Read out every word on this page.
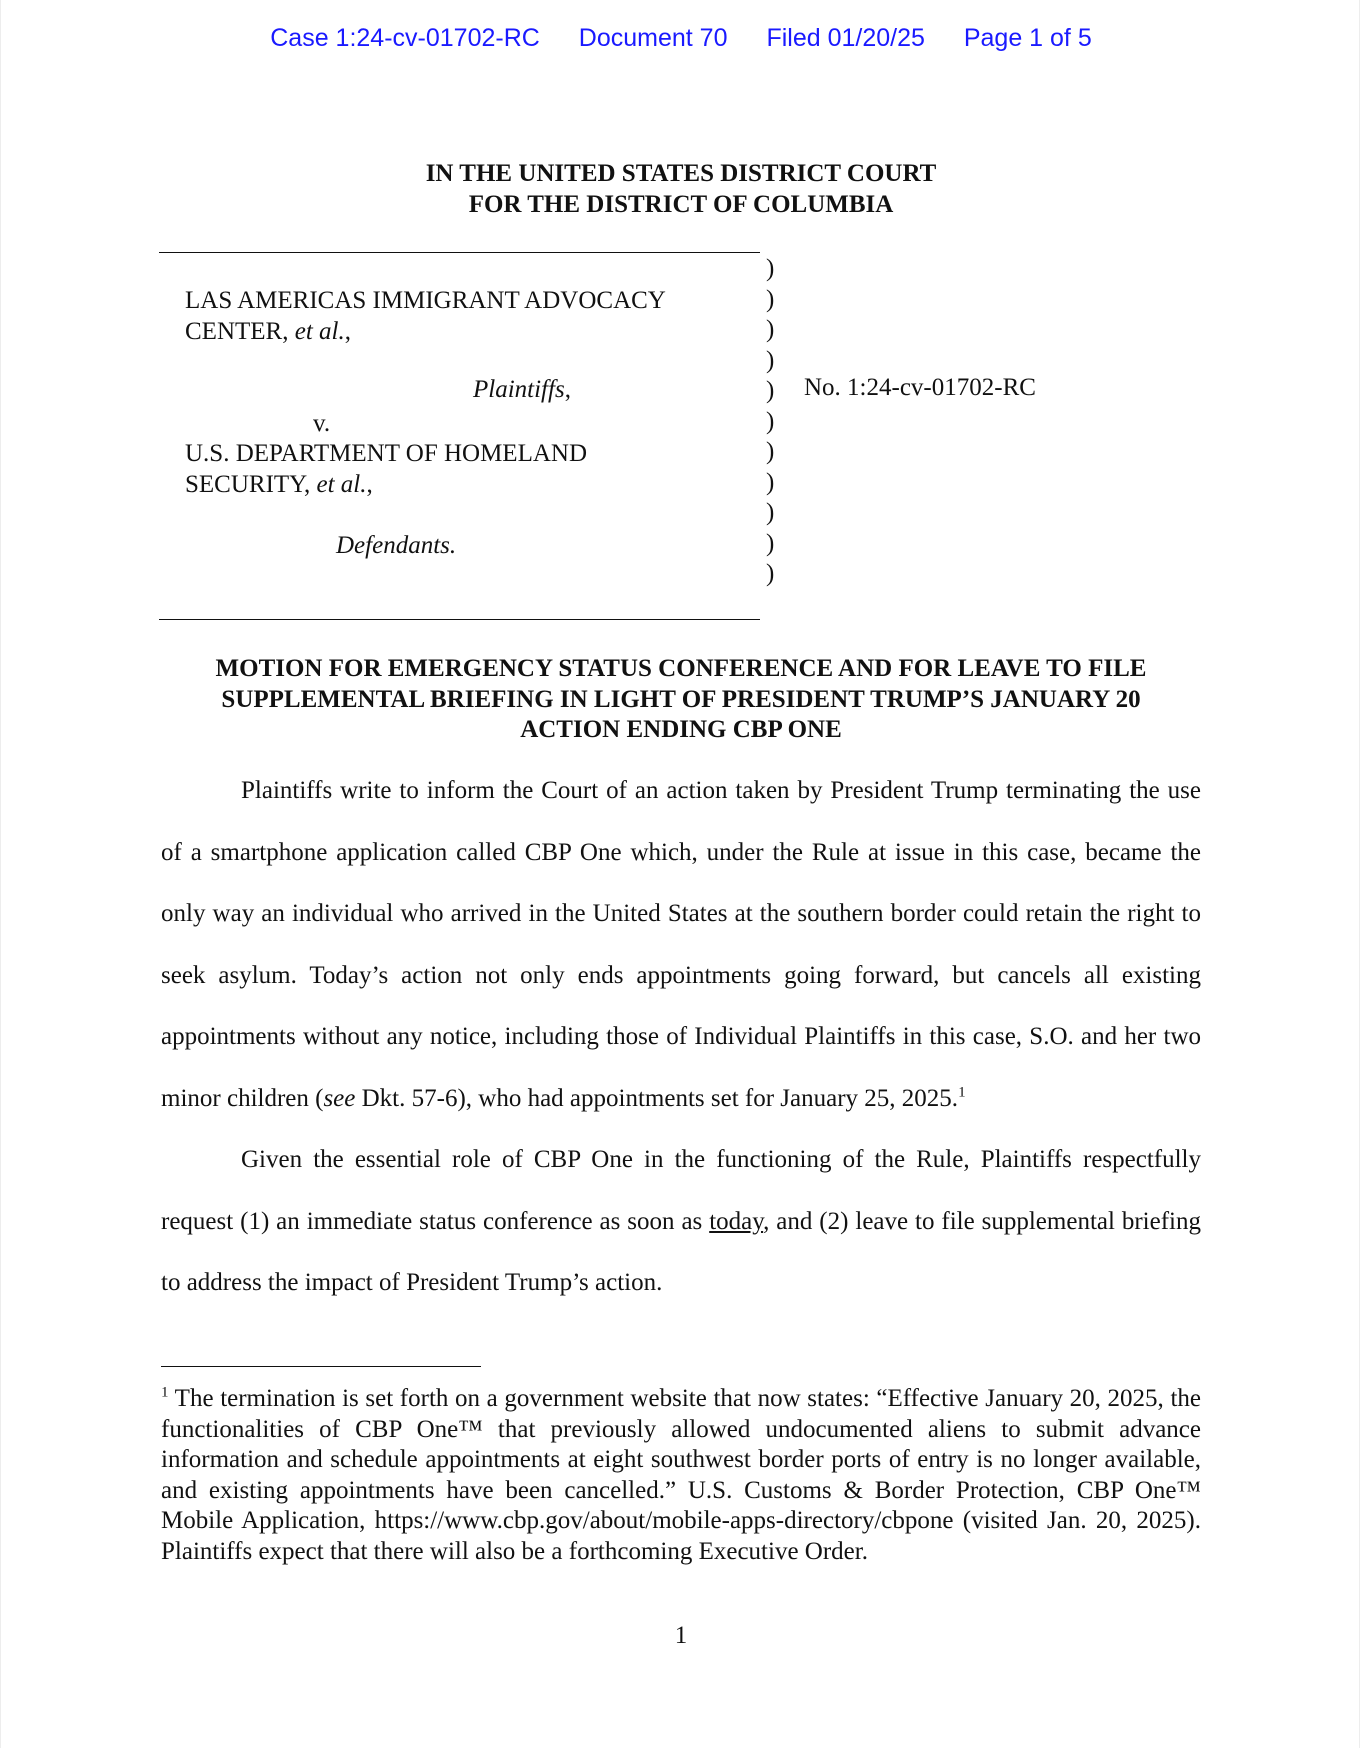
Case 1:24-cv-01702-RC Document 70 Filed 01/20/25 Page 1 of 5
IN THE UNITED STATES DISTRICT COURT
FOR THE DISTRICT OF COLUMBIA
)
)
)
)
)
)
)
)
)
)
)
LAS AMERICAS IMMIGRANT ADVOCACY
CENTER, et al.,
Plaintiffs,
v.
U.S. DEPARTMENT OF HOMELAND
SECURITY, et al.,
Defendants.
No. 1:24-cv-01702-RC
MOTION FOR EMERGENCY STATUS CONFERENCE AND FOR LEAVE TO FILE
SUPPLEMENTAL BRIEFING IN LIGHT OF PRESIDENT TRUMP’S JANUARY 20
ACTION ENDING CBP ONE

Plaintiffs write to inform the Court of an action taken by President Trump terminating the use of a smartphone application called CBP One which, under the Rule at issue in this case, became the only way an individual who arrived in the United States at the southern border could retain the right to seek asylum. Today’s action not only ends appointments going forward, but cancels all existing appointments without any notice, including those of Individual Plaintiffs in this case, S.O. and her two minor children (see Dkt. 57-6), who had appointments set for January 25, 2025.$^1$

Given the essential role of CBP One in the functioning of the Rule, Plaintiffs respectfully request (1) an immediate status conference as soon as today, and (2) leave to file supplemental briefing to address the impact of President Trump’s action.

$^1$ The termination is set forth on a government website that now states: “Effective January 20, 2025, the functionalities of CBP One™ that previously allowed undocumented aliens to submit advance information and schedule appointments at eight southwest border ports of entry is no longer available, and existing appointments have been cancelled.” U.S. Customs & Border Protection, CBP One™ Mobile Application, https://www.cbp.gov/about/mobile-apps-directory/cbpone (visited Jan. 20, 2025). Plaintiffs expect that there will also be a forthcoming Executive Order.

1
